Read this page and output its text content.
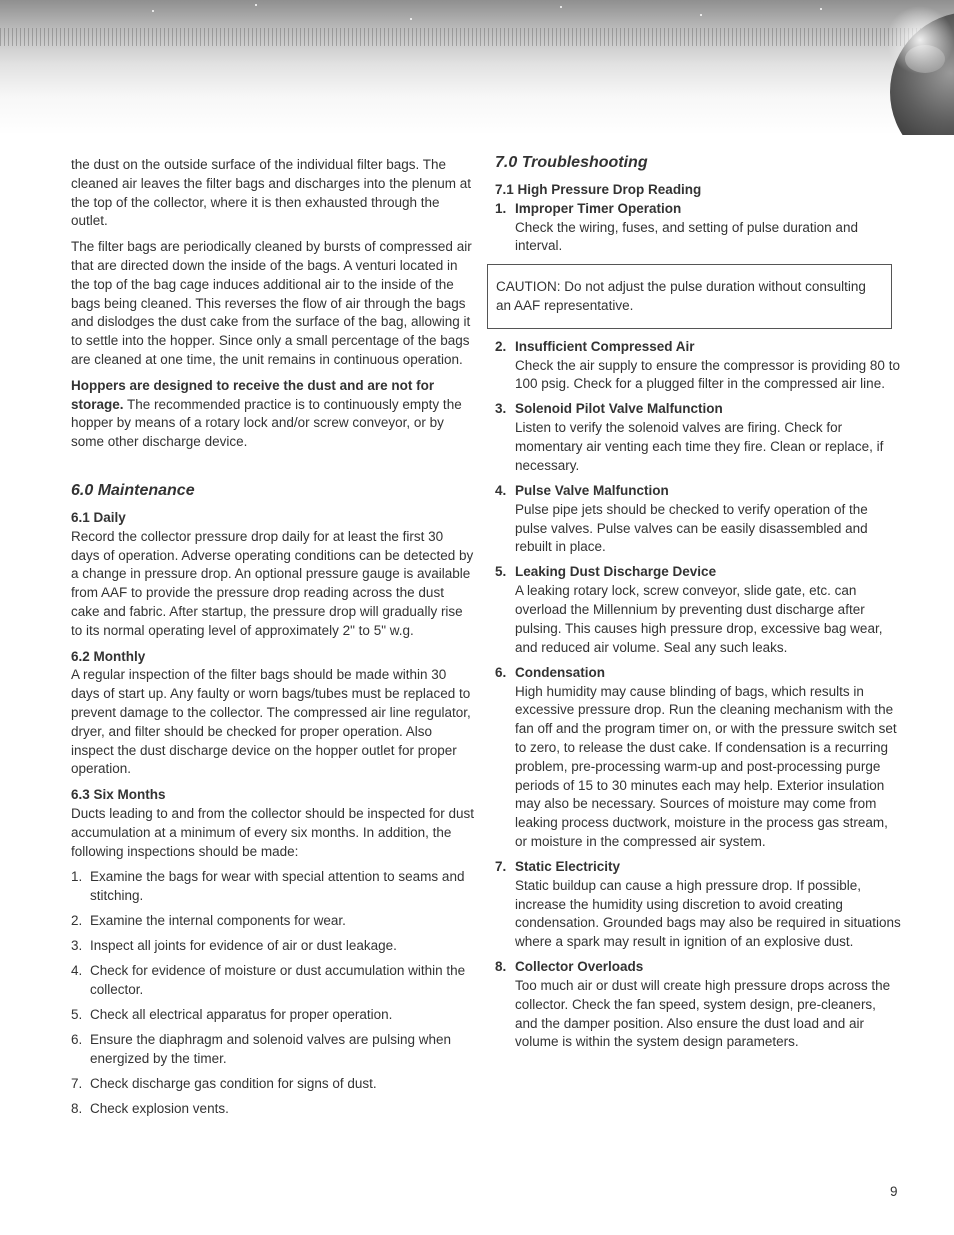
the dust on the outside surface of the individual filter bags. The cleaned air leaves the filter bags and discharges into the plenum at the top of the collector, where it is then exhausted through the outlet.

The filter bags are periodically cleaned by bursts of compressed air that are directed down the inside of the bags. A venturi located in the top of the bag cage induces additional air to the inside of the bags being cleaned. This reverses the flow of air through the bags and dislodges the dust cake from the surface of the bag, allowing it to settle into the hopper. Since only a small percentage of the bags are cleaned at one time, the unit remains in continuous operation.

Hoppers are designed to receive the dust and are not for storage. The recommended practice is to continuously empty the hopper by means of a rotary lock and/or screw conveyor, or by some other discharge device.

6.0 Maintenance
6.1 Daily

Record the collector pressure drop daily for at least the first 30 days of operation. Adverse operating conditions can be detected by a change in pressure drop. An optional pressure gauge is available from AAF to provide the pressure drop reading across the dust cake and fabric. After startup, the pressure drop will gradually rise to its normal operating level of approximately 2" to 5" w.g.

6.2 Monthly

A regular inspection of the filter bags should be made within 30 days of start up. Any faulty or worn bags/tubes must be replaced to prevent damage to the collector. The compressed air line regulator, dryer, and filter should be checked for proper operation. Also inspect the dust discharge device on the hopper outlet for proper operation.

6.3 Six Months

Ducts leading to and from the collector should be inspected for dust accumulation at a minimum of every six months. In addition, the following inspections should be made:

1. Examine the bags for wear with special attention to seams and stitching.
2. Examine the internal components for wear.
3. Inspect all joints for evidence of air or dust leakage.
4. Check for evidence of moisture or dust accumulation within the collector.
5. Check all electrical apparatus for proper operation.
6. Ensure the diaphragm and solenoid valves are pulsing when energized by the timer.
7. Check discharge gas condition for signs of dust.
8. Check explosion vents.
7.0 Troubleshooting
7.1 High Pressure Drop Reading
1. Improper Timer Operation
Check the wiring, fuses, and setting of pulse duration and interval.
CAUTION: Do not adjust the pulse duration without consulting an AAF representative.
2. Insufficient Compressed Air
Check the air supply to ensure the compressor is providing 80 to 100 psig. Check for a plugged filter in the compressed air line.
3. Solenoid Pilot Valve Malfunction
Listen to verify the solenoid valves are firing. Check for momentary air venting each time they fire. Clean or replace, if necessary.
4. Pulse Valve Malfunction
Pulse pipe jets should be checked to verify operation of the pulse valves. Pulse valves can be easily disassembled and rebuilt in place.
5. Leaking Dust Discharge Device
A leaking rotary lock, screw conveyor, slide gate, etc. can overload the Millennium by preventing dust discharge after pulsing. This causes high pressure drop, excessive bag wear, and reduced air volume. Seal any such leaks.
6. Condensation
High humidity may cause blinding of bags, which results in excessive pressure drop. Run the cleaning mechanism with the fan off and the program timer on, or with the pressure switch set to zero, to release the dust cake. If condensation is a recurring problem, pre-processing warm-up and post-processing purge periods of 15 to 30 minutes each may help. Exterior insulation may also be necessary. Sources of moisture may come from leaking process ductwork, moisture in the process gas stream, or moisture in the compressed air system.
7. Static Electricity
Static buildup can cause a high pressure drop. If possible, increase the humidity using discretion to avoid creating condensation. Grounded bags may also be required in situations where a spark may result in ignition of an explosive dust.
8. Collector Overloads
Too much air or dust will create high pressure drops across the collector. Check the fan speed, system design, pre-cleaners, and the damper position. Also ensure the dust load and air volume is within the system design parameters.
9
